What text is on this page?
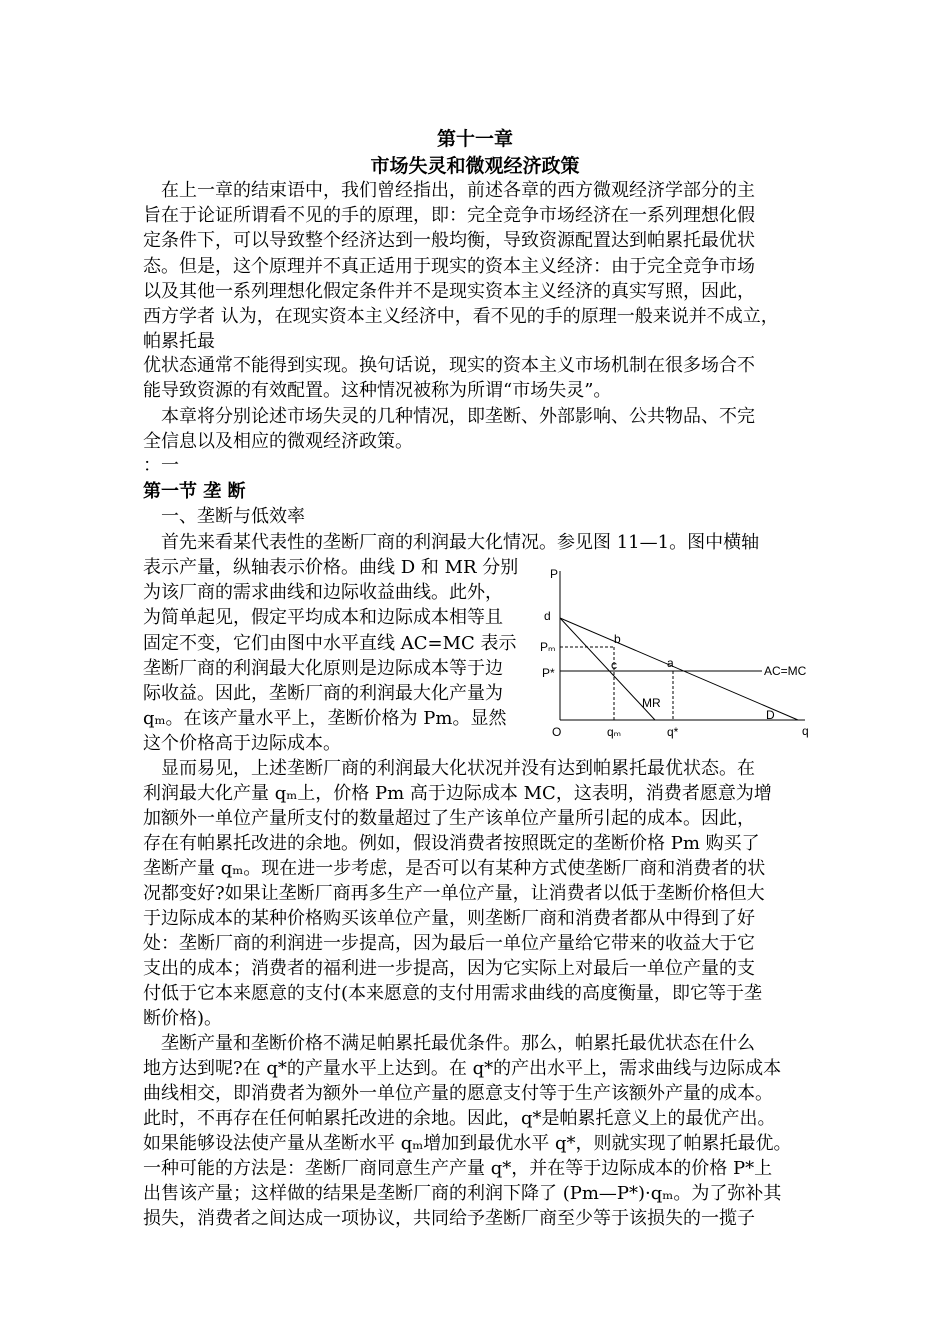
第十一章
市场失灵和微观经济政策
　在上一章的结束语中，我们曾经指出，前述各章的西方微观经济学部分的主
旨在于论证所谓看不见的手的原理，即：完全竞争市场经济在一系列理想化假
定条件下，可以导致整个经济达到一般均衡，导致资源配置达到帕累托最优状
态。但是，这个原理并不真正适用于现实的资本主义经济：由于完全竞争市场
以及其他一系列理想化假定条件并不是现实资本主义经济的真实写照，因此，
西方学者 认为，在现实资本主义经济中，看不见的手的原理一般来说并不成立，
帕累托最
优状态通常不能得到实现。换句话说，现实的资本主义市场机制在很多场合不
能导致资源的有效配置。这种情况被称为所谓“市场失灵”。
　本章将分别论述市场失灵的几种情况，即垄断、外部影响、公共物品、不完
全信息以及相应的微观经济政策。
：一
第一节 垄 断
　一、垄断与低效率
　首先来看某代表性的垄断厂商的利润最大化情况。参见图 11—1。图中横轴
表示产量，纵轴表示价格。曲线 D 和 MR 分别
为该厂商的需求曲线和边际收益曲线。此外，
为简单起见，假定平均成本和边际成本相等且
固定不变，它们由图中水平直线 AC=MC 表示
垄断厂商的利润最大化原则是边际成本等于边
际收益。因此，垄断厂商的利润最大化产量为
qₘ。在该产量水平上，垄断价格为 Pm。显然
这个价格高于边际成本。
　显而易见，上述垄断厂商的利润最大化状况并没有达到帕累托最优状态。在
利润最大化产量 qₘ上，价格 Pm 高于边际成本 MC，这表明，消费者愿意为增
加额外一单位产量所支付的数量超过了生产该单位产量所引起的成本。因此，
存在有帕累托改进的余地。例如，假设消费者按照既定的垄断价格 Pm 购买了
垄断产量 qₘ。现在进一步考虑，是否可以有某种方式使垄断厂商和消费者的状
况都变好?如果让垄断厂商再多生产一单位产量，让消费者以低于垄断价格但大
于边际成本的某种价格购买该单位产量，则垄断厂商和消费者都从中得到了好
处：垄断厂商的利润进一步提高，因为最后一单位产量给它带来的收益大于它
支出的成本；消费者的福利进一步提高，因为它实际上对最后一单位产量的支
付低于它本来愿意的支付(本来愿意的支付用需求曲线的高度衡量，即它等于垄
断价格)。
　垄断产量和垄断价格不满足帕累托最优条件。那么，帕累托最优状态在什么
地方达到呢?在 q*的产量水平上达到。在 q*的产出水平上，需求曲线与边际成本
曲线相交，即消费者为额外一单位产量的愿意支付等于生产该额外产量的成本。
此时，不再存在任何帕累托改进的余地。因此，q*是帕累托意义上的最优产出。
如果能够设法使产量从垄断水平 qₘ增加到最优水平 q*，则就实现了帕累托最优。
一种可能的方法是：垄断厂商同意生产产量 q*，并在等于边际成本的价格 P*上
出售该产量；这样做的结果是垄断厂商的利润下降了 (Pm—P*)·qₘ。为了弥补其
损失，消费者之间达成一项协议，共同给予垄断厂商至少等于该损失的一揽子
P
q
O
d
Pₘ
P*
b
c	a
AC=MC
MR
D
qₘ	q*
